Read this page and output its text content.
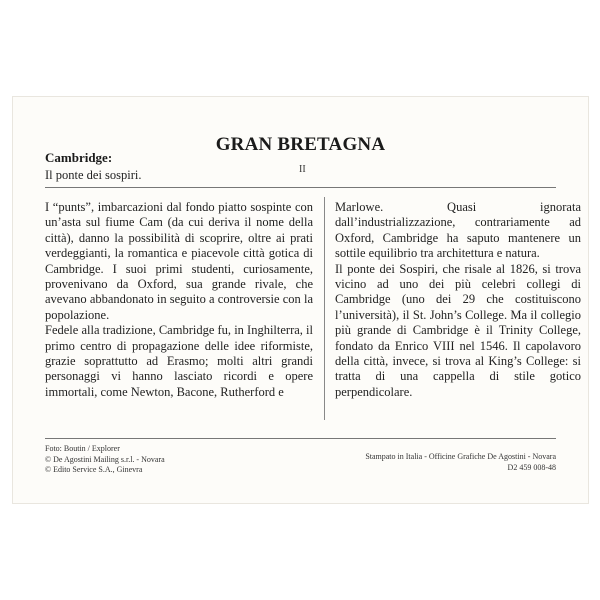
GRAN BRETAGNA
Cambridge:
Il ponte dei sospiri.	II

I “punts”, imbarcazioni dal fondo piatto sospinte con un’asta sul fiume Cam (da cui deriva il nome della città), danno la possibilità di scoprire, oltre ai prati verdeggianti, la romantica e piacevole città gotica di Cambridge. I suoi primi studenti, curiosamente, provenivano da Oxford, sua grande rivale, che avevano abbandonato in seguito a controversie con la popolazione.

Fedele alla tradizione, Cambridge fu, in Inghilterra, il primo centro di propagazione delle idee riformiste, grazie soprattutto ad Erasmo; molti altri grandi personaggi vi hanno lasciato ricordi e opere immortali, come Newton, Bacone, Rutherford e

Marlowe. Quasi ignorata dall’industrializzazione, contrariamente ad Oxford, Cambridge ha saputo mantenere un sottile equilibrio tra architettura e natura.

Il ponte dei Sospiri, che risale al 1826, si trova vicino ad uno dei più celebri collegi di Cambridge (uno dei 29 che costituiscono l’università), il St. John’s College. Ma il collegio più grande di Cambridge è il Trinity College, fondato da Enrico VIII nel 1546. Il capolavoro della città, invece, si trova al King’s College: si tratta di una cappella di stile gotico perpendicolare.

Foto: Boutin / Explorer
© De Agostini Mailing s.r.l. - Novara
© Edito Service S.A., Ginevra
Stampato in Italia - Officine Grafiche De Agostini - Novara
D2 459 008-48
